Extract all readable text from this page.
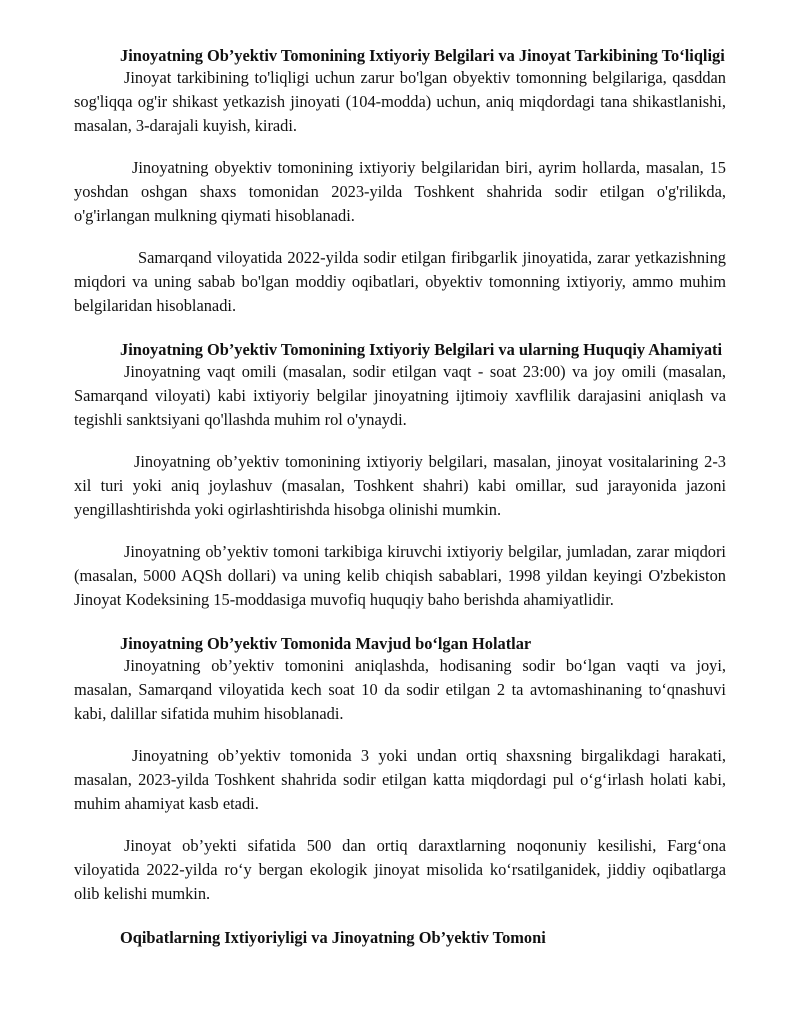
Jinoyatning Ob’yektiv Tomonining Ixtiyoriy Belgilari va Jinoyat Tarkibining To‘liqligi

Jinoyat tarkibining to'liqligi uchun zarur bo'lgan obyektiv tomonning belgilariga, qasddan sog'liqqa og'ir shikast yetkazish jinoyati (104-modda) uchun, aniq miqdordagi tana shikastlanishi, masalan, 3-darajali kuyish, kiradi.

Jinoyatning obyektiv tomonining ixtiyoriy belgilaridan biri, ayrim hollarda, masalan, 15 yoshdan oshgan shaxs tomonidan 2023-yilda Toshkent shahrida sodir etilgan o'g'rilikda, o'g'irlangan mulkning qiymati hisoblanadi.

Samarqand viloyatida 2022-yilda sodir etilgan firibgarlik jinoyatida, zarar yetkazishning miqdori va uning sabab bo'lgan moddiy oqibatlari, obyektiv tomonning ixtiyoriy, ammo muhim belgilaridan hisoblanadi.

Jinoyatning Ob’yektiv Tomonining Ixtiyoriy Belgilari va ularning Huquqiy Ahamiyati

Jinoyatning vaqt omili (masalan, sodir etilgan vaqt - soat 23:00) va joy omili (masalan, Samarqand viloyati) kabi ixtiyoriy belgilar jinoyatning ijtimoiy xavflilik darajasini aniqlash va tegishli sanktsiyani qo'llashda muhim rol o'ynaydi.

Jinoyatning ob’yektiv tomonining ixtiyoriy belgilari, masalan, jinoyat vositalarining 2-3 xil turi yoki aniq joylashuv (masalan, Toshkent shahri) kabi omillar, sud jarayonida jazoni yengillashtirishda yoki ogirlashtirishda hisobga olinishi mumkin.

Jinoyatning ob’yektiv tomoni tarkibiga kiruvchi ixtiyoriy belgilar, jumladan, zarar miqdori (masalan, 5000 AQSh dollari) va uning kelib chiqish sabablari, 1998 yildan keyingi O'zbekiston Jinoyat Kodeksining 15-moddasiga muvofiq huquqiy baho berishda ahamiyatlidir.

Jinoyatning Ob’yektiv Tomonida Mavjud bo‘lgan Holatlar

Jinoyatning ob’yektiv tomonini aniqlashda, hodisaning sodir bo‘lgan vaqti va joyi, masalan, Samarqand viloyatida kech soat 10 da sodir etilgan 2 ta avtomashinaning to‘qnashuvi kabi, dalillar sifatida muhim hisoblanadi.

Jinoyatning ob’yektiv tomonida 3 yoki undan ortiq shaxsning birgalikdagi harakati, masalan, 2023-yilda Toshkent shahrida sodir etilgan katta miqdordagi pul o‘g‘irlash holati kabi, muhim ahamiyat kasb etadi.

Jinoyat ob’yekti sifatida 500 dan ortiq daraxtlarning noqonuniy kesilishi, Farg‘ona viloyatida 2022-yilda ro‘y bergan ekologik jinoyat misolida ko‘rsatilganidek, jiddiy oqibatlarga olib kelishi mumkin.

Oqibatlarning Ixtiyoriyligi va Jinoyatning Ob’yektiv Tomoni
